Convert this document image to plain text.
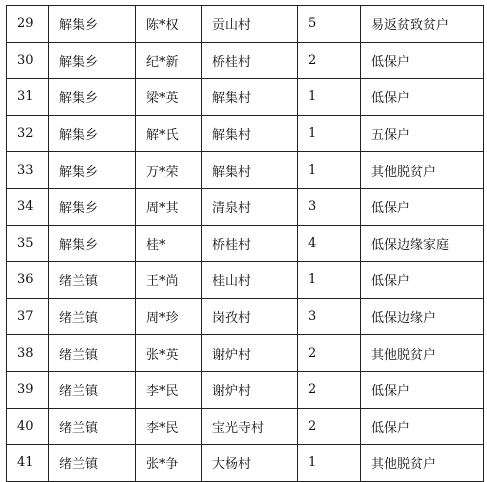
29	解集乡	陈*权	贡山村	5	易返贫致贫户
30	解集乡	纪*新	桥桂村	2	低保户
31	解集乡	梁*英	解集村	1	低保户
32	解集乡	解*氏	解集村	1	五保户
33	解集乡	万*荣	解集村	1	其他脱贫户
34	解集乡	周*其	清泉村	3	低保户
35	解集乡	桂*	桥桂村	4	低保边缘家庭
36	绪兰镇	王*尚	桂山村	1	低保户
37	绪兰镇	周*珍	岗孜村	3	低保边缘户
38	绪兰镇	张*英	谢炉村	2	其他脱贫户
39	绪兰镇	李*民	谢炉村	2	低保户
40	绪兰镇	李*民	宝光寺村	2	低保户
41	绪兰镇	张*争	大杨村	1	其他脱贫户
